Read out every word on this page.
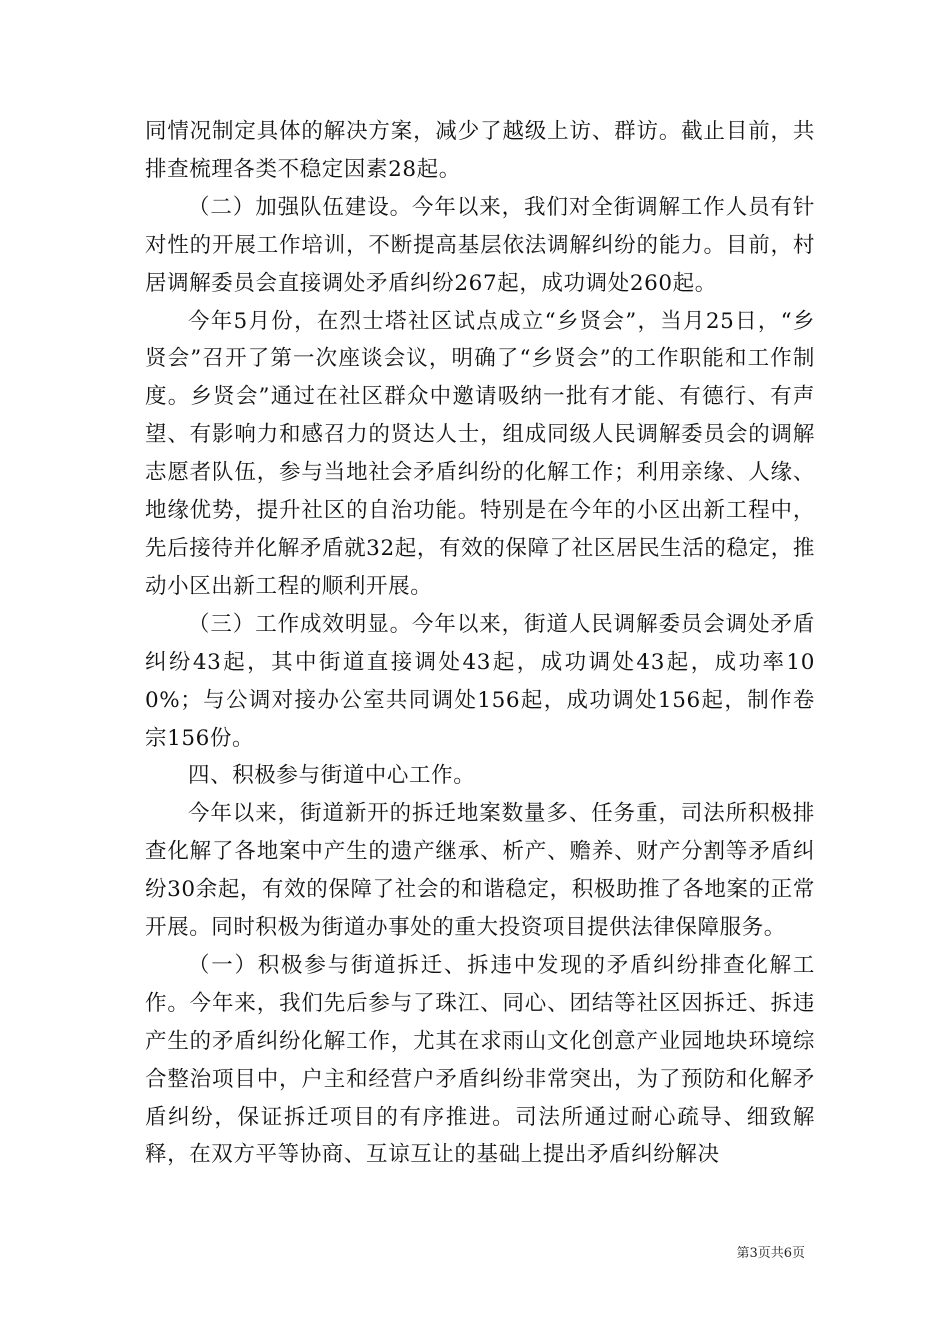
同情况制定具体的解决方案，减少了越级上访、群访。截止目前，共排查梳理各类不稳定因素28起。

（二）加强队伍建设。今年以来，我们对全街调解工作人员有针对性的开展工作培训，不断提高基层依法调解纠纷的能力。目前，村居调解委员会直接调处矛盾纠纷267起，成功调处260起。

今年5月份，在烈士塔社区试点成立“乡贤会”，当月25日，“乡贤会”召开了第一次座谈会议，明确了“乡贤会”的工作职能和工作制度。乡贤会”通过在社区群众中邀请吸纳一批有才能、有德行、有声望、有影响力和感召力的贤达人士，组成同级人民调解委员会的调解志愿者队伍，参与当地社会矛盾纠纷的化解工作；利用亲缘、人缘、地缘优势，提升社区的自治功能。特别是在今年的小区出新工程中，先后接待并化解矛盾就32起，有效的保障了社区居民生活的稳定，推动小区出新工程的顺利开展。

（三）工作成效明显。今年以来，街道人民调解委员会调处矛盾纠纷43起，其中街道直接调处43起，成功调处43起，成功率100%；与公调对接办公室共同调处156起，成功调处156起，制作卷宗156份。

四、积极参与街道中心工作。

今年以来，街道新开的拆迁地案数量多、任务重，司法所积极排查化解了各地案中产生的遗产继承、析产、赡养、财产分割等矛盾纠纷30余起，有效的保障了社会的和谐稳定，积极助推了各地案的正常开展。同时积极为街道办事处的重大投资项目提供法律保障服务。

（一）积极参与街道拆迁、拆违中发现的矛盾纠纷排查化解工作。今年来，我们先后参与了珠江、同心、团结等社区因拆迁、拆违产生的矛盾纠纷化解工作，尤其在求雨山文化创意产业园地块环境综合整治项目中，户主和经营户矛盾纠纷非常突出，为了预防和化解矛盾纠纷，保证拆迁项目的有序推进。司法所通过耐心疏导、细致解释，在双方平等协商、互谅互让的基础上提出矛盾纠纷解决

第3页共6页
